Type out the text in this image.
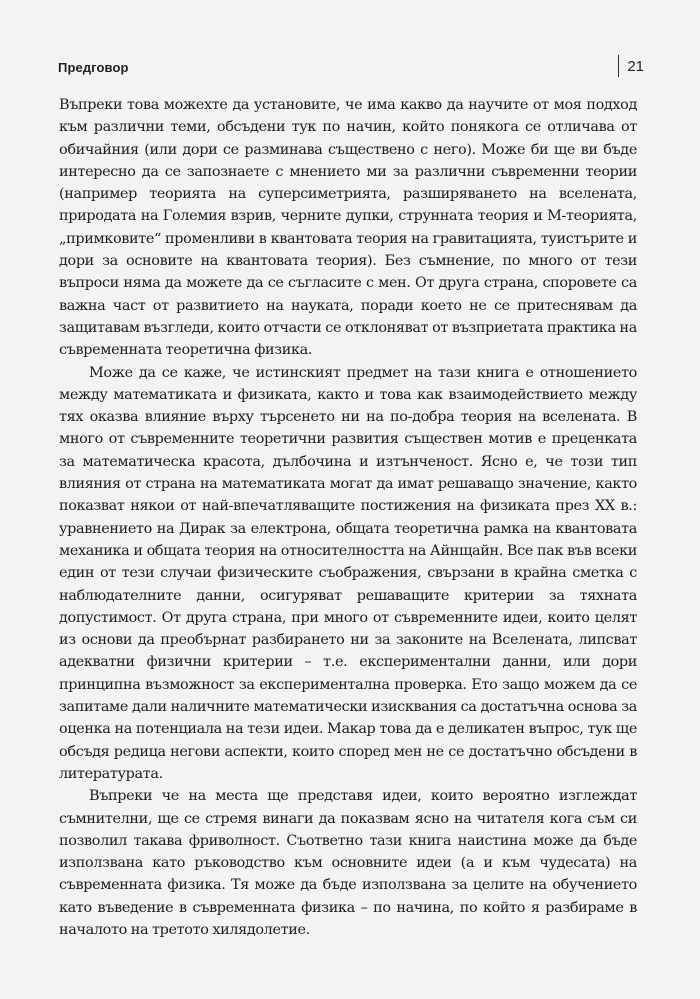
Предговор	21

Въпреки това можехте да установите, че има какво да научите от моя подход към различни теми, обсъдени тук по начин, който понякога се отличава от обичайния (или дори се разминава съществено с него). Може би ще ви бъде интересно да се запознаете с мнението ми за различни съвременни теории (например теорията на суперсиметрията, разширяването на вселената, природата на Големия взрив, черните дупки, струнната теория и М-теорията, „примковите“ променливи в квантовата теория на гравитацията, туистърите и дори за основите на квантовата теория). Без съмнение, по много от тези въпроси няма да можете да се съгласите с мен. От друга страна, споровете са важна част от развитието на науката, поради което не се притеснявам да защитавам възгледи, които отчасти се отклоняват от възприетата практика на съвременната теоретична физика.

Може да се каже, че истинският предмет на тази книга е отношението между математиката и физиката, както и това как взаимодействието между тях оказва влияние върху търсенето ни на по-добра теория на вселената. В много от съвременните теоретични развития съществен мотив е преценката за математическа красота, дълбочина и изтънченост. Ясно е, че този тип влияния от страна на математиката могат да имат решаващо значение, както показват някои от най-впечатляващите постижения на физиката през XX в.: уравнението на Дирак за електрона, общата теоретична рамка на квантовата механика и общата теория на относителността на Айнщайн. Все пак във всеки един от тези случаи физическите съображения, свързани в крайна сметка с наблюдателните данни, осигуряват решаващите критерии за тяхната допустимост. От друга страна, при много от съвременните идеи, които целят из основи да преобърнат разбирането ни за законите на Вселената, липсват адекватни физични критерии – т.е. експериментални данни, или дори принципна възможност за експериментална проверка. Ето защо можем да се запитаме дали наличните математически изисквания са достатъчна основа за оценка на потенциала на тези идеи. Макар това да е деликатен въпрос, тук ще обсъдя редица негови аспекти, които според мен не се достатъчно обсъдени в литературата.

Въпреки че на места ще представя идеи, които вероятно изглеждат съмнителни, ще се стремя винаги да показвам ясно на читателя кога съм си позволил такава фриволност. Съответно тази книга наистина може да бъде използвана като ръководство към основните идеи (а и към чудесата) на съвременната физика. Тя може да бъде използвана за целите на обучението като въведение в съвременната физика – по начина, по който я разбираме в началото на третото хилядолетие.
